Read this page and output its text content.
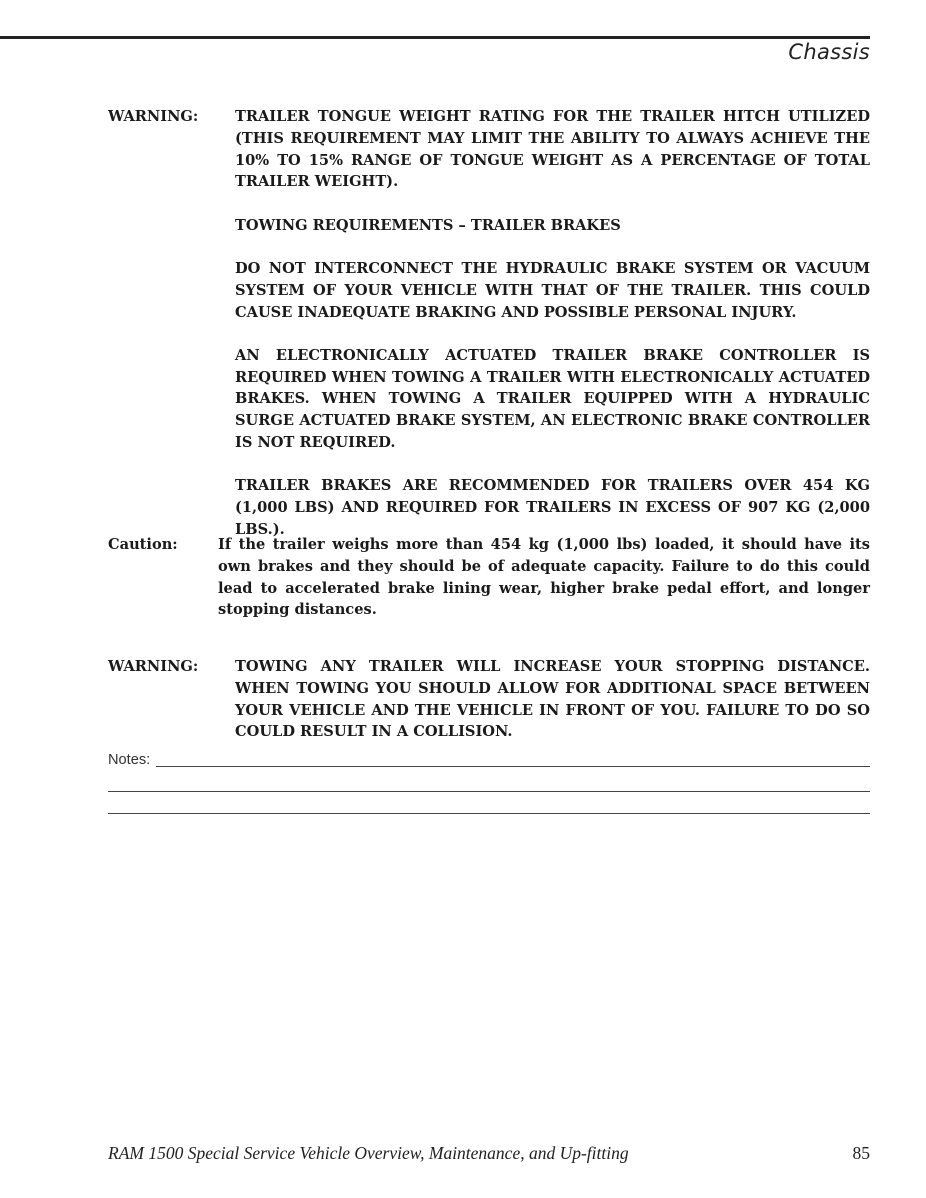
Chassis
WARNING:	TRAILER TONGUE WEIGHT RATING FOR THE TRAILER HITCH UTILIZED (THIS REQUIREMENT MAY LIMIT THE ABILITY TO ALWAYS ACHIEVE THE 10% TO 15% RANGE OF TONGUE WEIGHT AS A PERCENTAGE OF TOTAL TRAILER WEIGHT).

TOWING REQUIREMENTS – TRAILER BRAKES

DO NOT INTERCONNECT THE HYDRAULIC BRAKE SYSTEM OR VACUUM SYSTEM OF YOUR VEHICLE WITH THAT OF THE TRAILER. THIS COULD CAUSE INADEQUATE BRAKING AND POSSIBLE PERSONAL INJURY.

AN ELECTRONICALLY ACTUATED TRAILER BRAKE CONTROLLER IS REQUIRED WHEN TOWING A TRAILER WITH ELECTRONICALLY ACTUATED BRAKES. WHEN TOWING A TRAILER EQUIPPED WITH A HYDRAULIC SURGE ACTUATED BRAKE SYSTEM, AN ELECTRONIC BRAKE CONTROLLER IS NOT REQUIRED.

TRAILER BRAKES ARE RECOMMENDED FOR TRAILERS OVER 454 KG (1,000 LBS) AND REQUIRED FOR TRAILERS IN EXCESS OF 907 KG (2,000 LBS.).

Caution:	If the trailer weighs more than 454 kg (1,000 lbs) loaded, it should have its own brakes and they should be of adequate capacity. Failure to do this could lead to accelerated brake lining wear, higher brake pedal effort, and longer stopping distances.

WARNING:	TOWING ANY TRAILER WILL INCREASE YOUR STOPPING DISTANCE. WHEN TOWING YOU SHOULD ALLOW FOR ADDITIONAL SPACE BETWEEN YOUR VEHICLE AND THE VEHICLE IN FRONT OF YOU. FAILURE TO DO SO COULD RESULT IN A COLLISION.

Notes:
RAM 1500 Special Service Vehicle Overview, Maintenance, and Up-fitting	85
